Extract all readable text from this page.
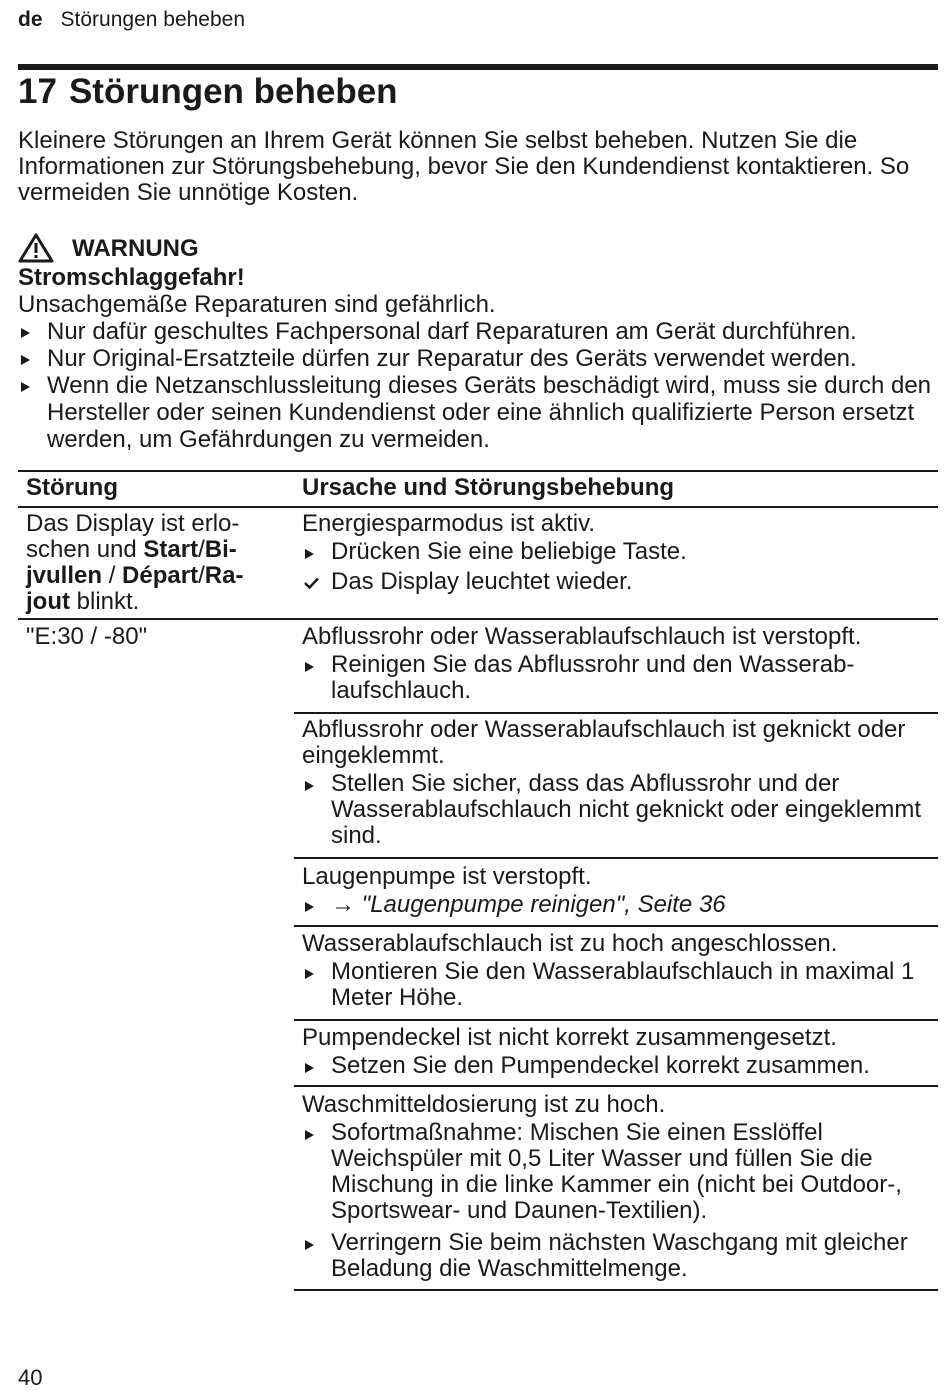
de Störungen beheben
17 Störungen beheben

Kleinere Störungen an Ihrem Gerät können Sie selbst beheben. Nutzen Sie die Informationen zur Störungsbehebung, bevor Sie den Kundendienst kontaktieren. So vermeiden Sie unnötige Kosten.

WARNUNG
Stromschlaggefahr!
Unsachgemäße Reparaturen sind gefährlich.
Nur dafür geschultes Fachpersonal darf Reparaturen am Gerät durchführen.
Nur Original-Ersatzteile dürfen zur Reparatur des Geräts verwendet werden.
Wenn die Netzanschlussleitung dieses Geräts beschädigt wird, muss sie durch den Hersteller oder seinen Kundendienst oder eine ähnlich qualifizierte Person ersetzt werden, um Gefährdungen zu vermeiden.
Störung	Ursache und Störungsbehebung
Das Display ist erloschen und Start/Bijvullen / Départ/Rajout blinkt.
Energiesparmodus ist aktiv.
Drücken Sie eine beliebige Taste.
Das Display leuchtet wieder.
"E:30 / -80"	Abflussrohr oder Wasserablaufschlauch ist verstopft.
Reinigen Sie das Abflussrohr und den Wasserablaufschlauch.
Abflussrohr oder Wasserablaufschlauch ist geknickt oder eingeklemmt.
Stellen Sie sicher, dass das Abflussrohr und der Wasserablaufschlauch nicht geknickt oder eingeklemmt sind.
Laugenpumpe ist verstopft.
→ "Laugenpumpe reinigen", Seite 36
Wasserablaufschlauch ist zu hoch angeschlossen.
Montieren Sie den Wasserablaufschlauch in maximal 1 Meter Höhe.
Pumpendeckel ist nicht korrekt zusammengesetzt.
Setzen Sie den Pumpendeckel korrekt zusammen.
Waschmitteldosierung ist zu hoch.
Sofortmaßnahme: Mischen Sie einen Esslöffel Weichspüler mit 0,5 Liter Wasser und füllen Sie die Mischung in die linke Kammer ein (nicht bei Outdoor-, Sportswear- und Daunen-Textilien).
Verringern Sie beim nächsten Waschgang mit gleicher Beladung die Waschmittelmenge.
40
